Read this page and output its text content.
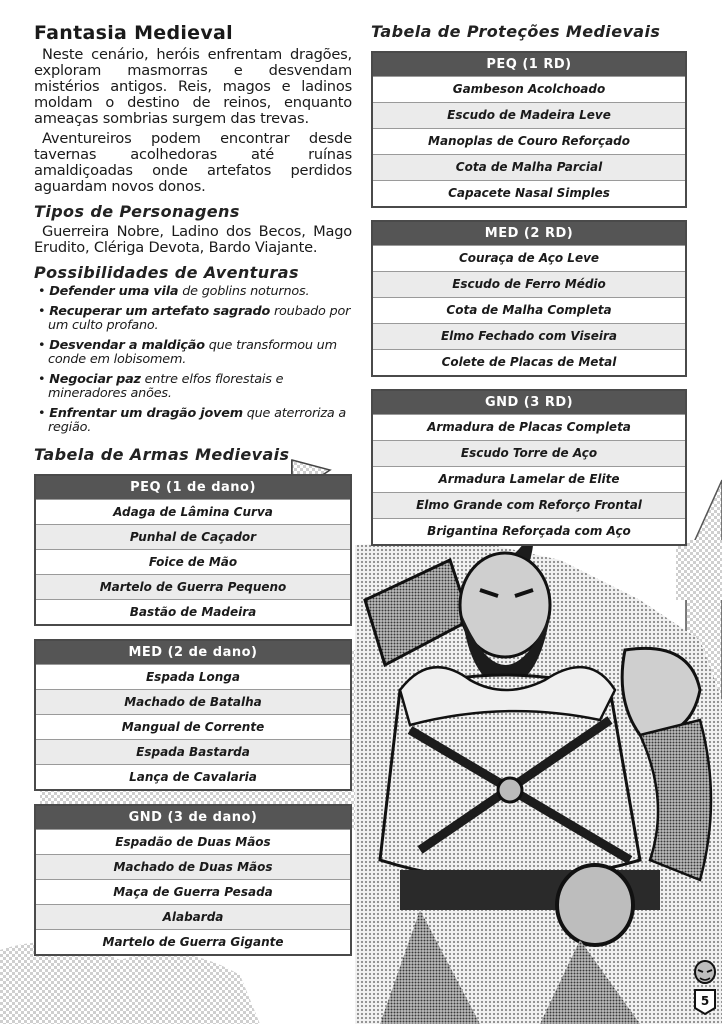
Fantasia Medieval

Neste cenário, heróis enfrentam dragões, exploram masmorras e desvendam mistérios antigos. Reis, magos e ladinos moldam o destino de reinos, enquanto ameaças sombrias surgem das trevas.

Aventureiros podem encontrar desde tavernas acolhedoras até ruínas amaldiçoadas onde artefatos perdidos aguardam novos donos.

Tipos de Personagens

Guerreira Nobre, Ladino dos Becos, Mago Erudito, Clériga Devota, Bardo Viajante.

Possibilidades de Aventuras
• Defender uma vila de goblins noturnos.
• Recuperar um artefato sagrado roubado por um culto profano.
• Desvendar a maldição que transformou um conde em lobisomem.
• Negociar paz entre elfos florestais e mineradores anões.
• Enfrentar um dragão jovem que aterroriza a região.
Tabela de Armas Medievais
PEQ (1 de dano)
Adaga de Lâmina Curva
Punhal de Caçador
Foice de Mão
Martelo de Guerra Pequeno
Bastão de Madeira
MED (2 de dano)
Espada Longa
Machado de Batalha
Mangual de Corrente
Espada Bastarda
Lança de Cavalaria
GND (3 de dano)
Espadão de Duas Mãos
Machado de Duas Mãos
Maça de Guerra Pesada
Alabarda
Martelo de Guerra Gigante
Tabela de Proteções Medievais
PEQ (1 RD)
Gambeson Acolchoado
Escudo de Madeira Leve
Manoplas de Couro Reforçado
Cota de Malha Parcial
Capacete Nasal Simples
MED (2 RD)
Couraça de Aço Leve
Escudo de Ferro Médio
Cota de Malha Completa
Elmo Fechado com Viseira
Colete de Placas de Metal
GND (3 RD)
Armadura de Placas Completa
Escudo Torre de Aço
Armadura Lamelar de Elite
Elmo Grande com Reforço Frontal
Brigantina Reforçada com Aço
5
